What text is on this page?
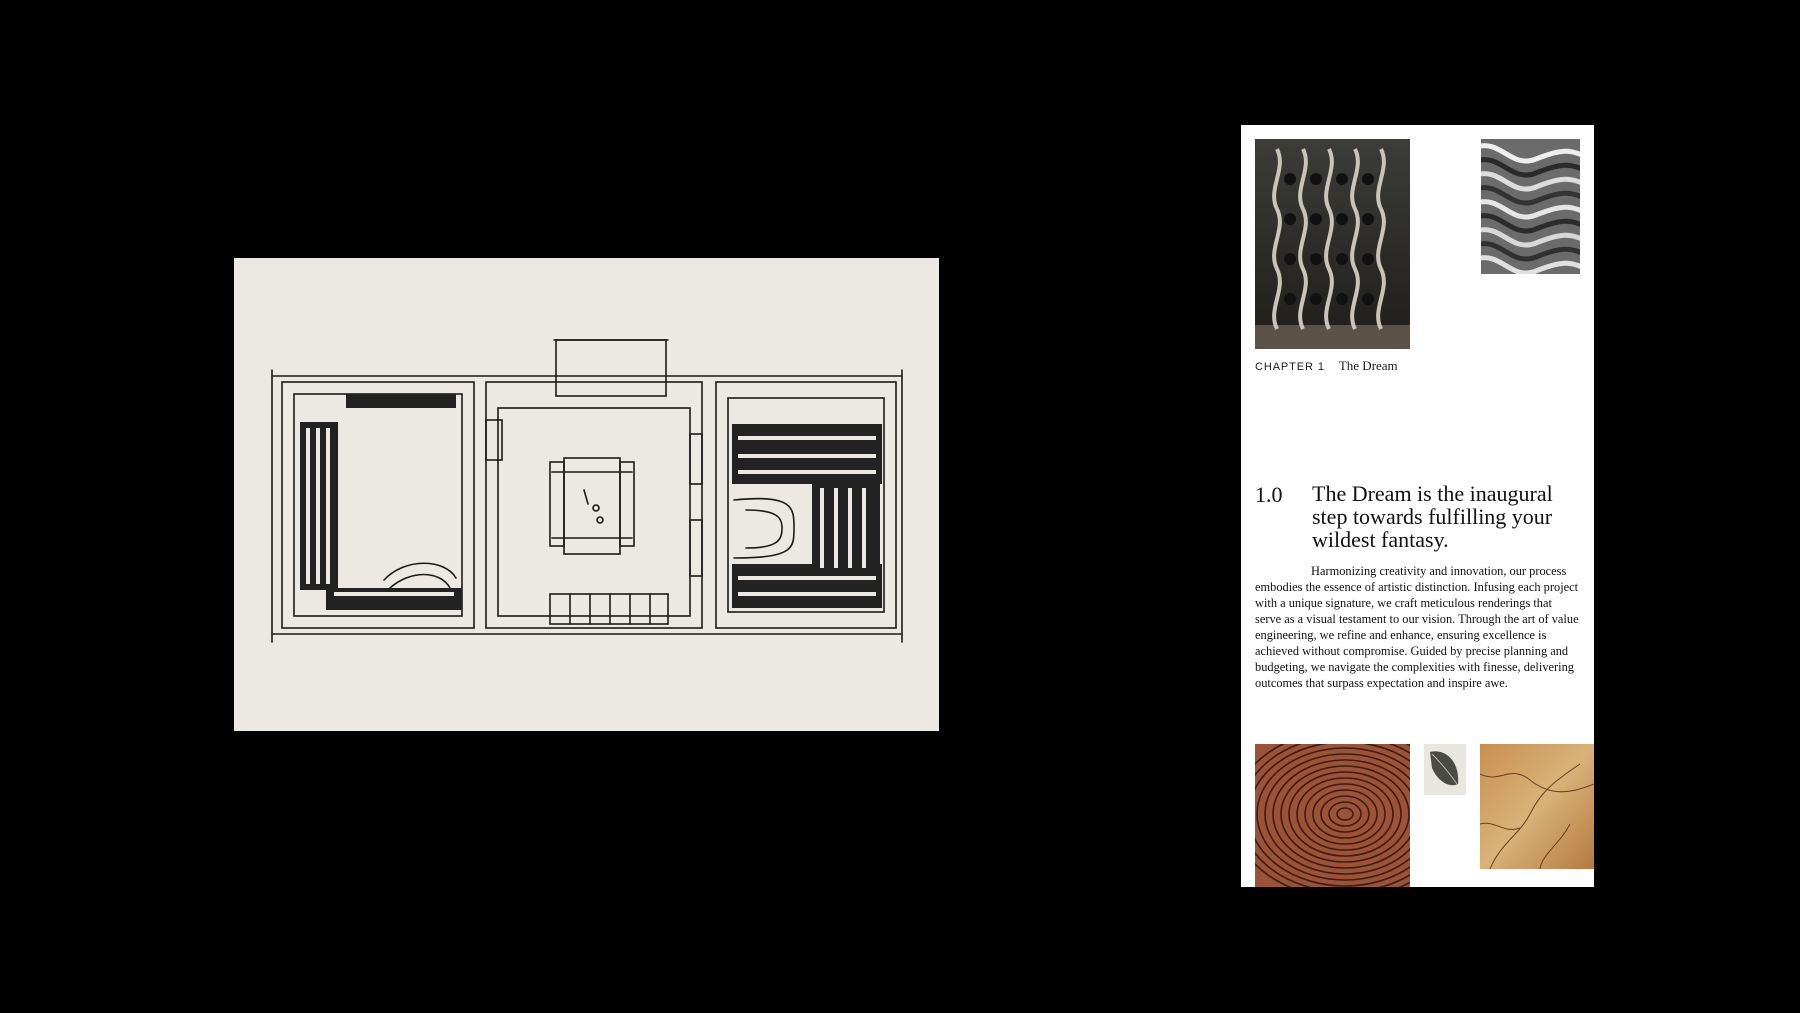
CHAPTER 1 The Dream
1.0 The Dream is the inaugural step towards fulfilling your wildest fantasy.

Harmonizing creativity and innovation, our process embodies the essence of artistic distinction. Infusing each project with a unique signature, we craft meticulous renderings that serve as a visual testament to our vision. Through the art of value engineering, we refine and enhance, ensuring excellence is achieved without compromise. Guided by precise planning and budgeting, we navigate the complexities with finesse, delivering outcomes that surpass expectation and inspire awe.
